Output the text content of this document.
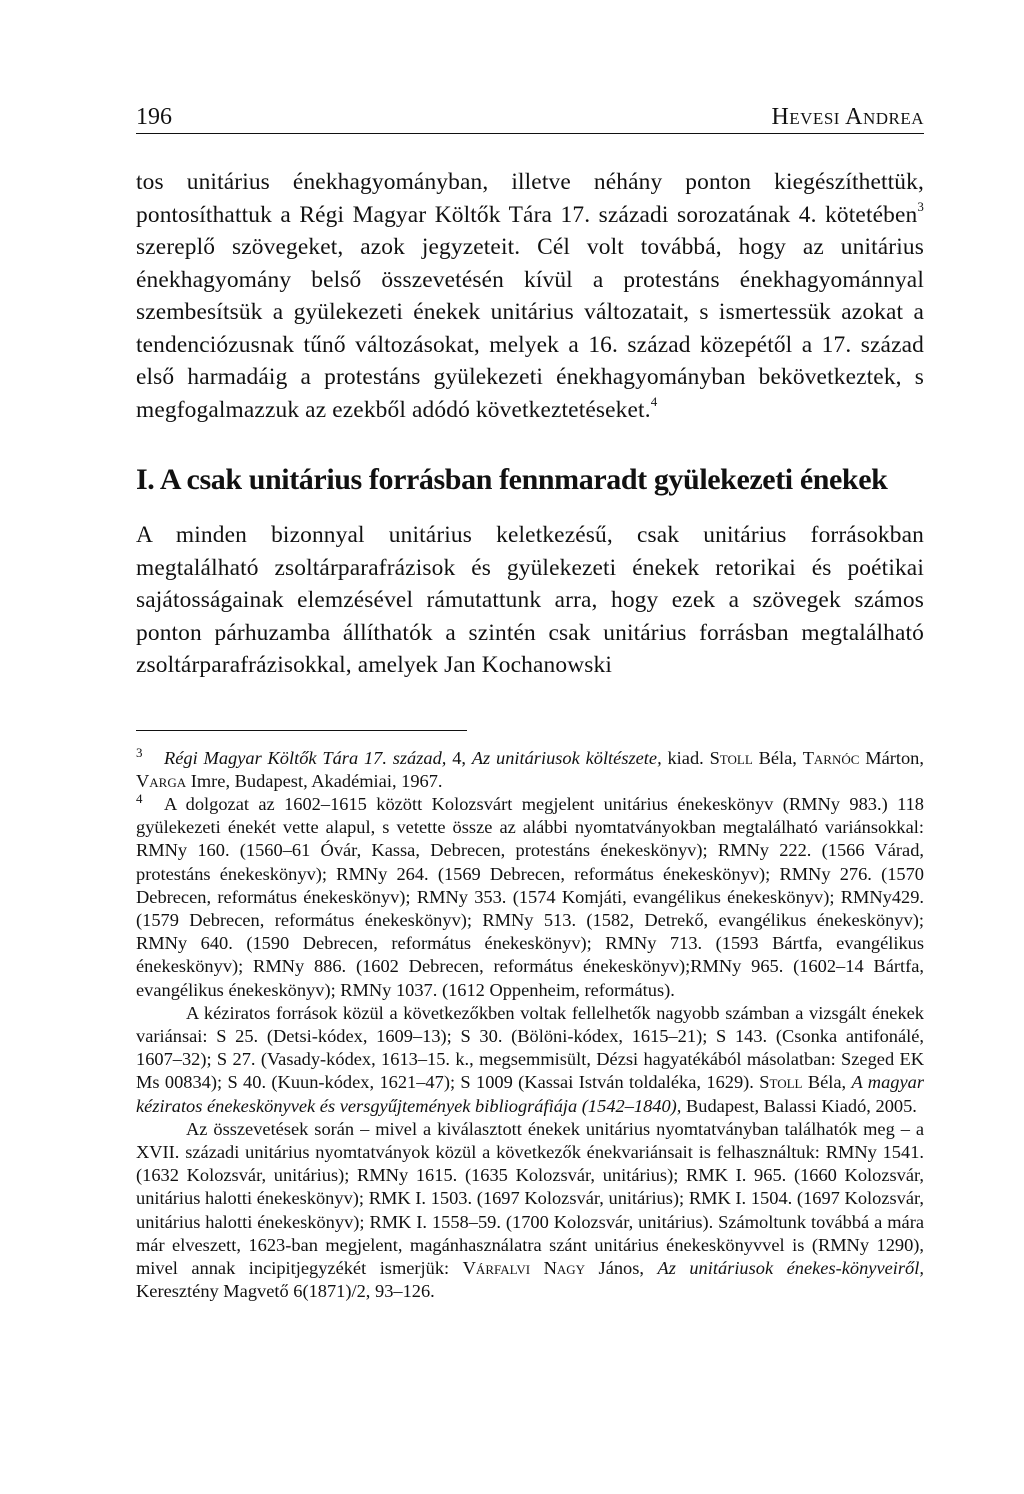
196	Hevesi Andrea
tos unitárius énekhagyományban, illetve néhány ponton kiegészíthettük, pontosíthattuk a Régi Magyar Költők Tára 17. századi sorozatának 4. kötetében$^3$ szereplő szövegeket, azok jegyzeteit. Cél volt továbbá, hogy az unitárius énekhagyomány belső összevetésén kívül a protestáns énekhagyománnyal szembesítsük a gyülekezeti énekek unitárius változatait, s ismertessük azokat a tendenciózusnak tűnő változásokat, melyek a 16. század közepétől a 17. század első harmadáig a protestáns gyülekezeti énekhagyományban bekövetkeztek, s megfogalmazzuk az ezekből adódó következtetéseket.$^4$
I. A csak unitárius forrásban fennmaradt gyülekezeti énekek
A minden bizonnyal unitárius keletkezésű, csak unitárius forrásokban megtalálható zsoltárparafrázisok és gyülekezeti énekek retorikai és poétikai sajátosságainak elemzésével rámutattunk arra, hogy ezek a szövegek számos ponton párhuzamba állíthatók a szintén csak unitárius forrásban megtalálható zsoltárparafrázisokkal, amelyek Jan Kochanowski

3 Régi Magyar Költők Tára 17. század, 4, Az unitáriusok költészete, kiad. Stoll Béla, Tarnóc Márton, Varga Imre, Budapest, Akadémiai, 1967.

4 A dolgozat az 1602–1615 között Kolozsvárt megjelent unitárius énekeskönyv (RMNy 983.) 118 gyülekezeti énekét vette alapul, s vetette össze az alábbi nyomtatványokban megtalálható variánsokkal: RMNy 160. (1560–61 Óvár, Kassa, Debrecen, protestáns énekeskönyv); RMNy 222. (1566 Várad, protestáns énekeskönyv); RMNy 264. (1569 Debrecen, református énekeskönyv); RMNy 276. (1570 Debrecen, református énekeskönyv); RMNy 353. (1574 Komjáti, evangélikus énekeskönyv); RMNy429. (1579 Debrecen, református énekeskönyv); RMNy 513. (1582, Detrekő, evangélikus énekeskönyv); RMNy 640. (1590 Debrecen, református énekeskönyv); RMNy 713. (1593 Bártfa, evangélikus énekeskönyv); RMNy 886. (1602 Debrecen, református énekeskönyv);RMNy 965. (1602–14 Bártfa, evangélikus énekeskönyv); RMNy 1037. (1612 Oppenheim, református).

A kéziratos források közül a következőkben voltak fellelhetők nagyobb számban a vizsgált énekek variánsai: S 25. (Detsi-kódex, 1609–13); S 30. (Bölöni-kódex, 1615–21); S 143. (Csonka antifonálé, 1607–32); S 27. (Vasady-kódex, 1613–15. k., megsemmisült, Dézsi hagyatékából másolatban: Szeged EK Ms 00834); S 40. (Kuun-kódex, 1621–47); S 1009 (Kassai István toldaléka, 1629). Stoll Béla, A magyar kéziratos énekeskönyvek és versgyűjtemények bibliográfiája (1542–1840), Budapest, Balassi Kiadó, 2005.

Az összevetések során – mivel a kiválasztott énekek unitárius nyomtatványban találhatók meg – a XVII. századi unitárius nyomtatványok közül a következők énekvariánsait is felhasználtuk: RMNy 1541. (1632 Kolozsvár, unitárius); RMNy 1615. (1635 Kolozsvár, unitárius); RMK I. 965. (1660 Kolozsvár, unitárius halotti énekeskönyv); RMK I. 1503. (1697 Kolozsvár, unitárius); RMK I. 1504. (1697 Kolozsvár, unitárius halotti énekeskönyv); RMK I. 1558–59. (1700 Kolozsvár, unitárius). Számoltunk továbbá a mára már elveszett, 1623-ban megjelent, magánhasználatra szánt unitárius énekeskönyvvel is (RMNy 1290), mivel annak incipitjegyzékét ismerjük: Várfalvi Nagy János, Az unitáriusok énekes-könyveiről, Keresztény Magvető 6(1871)/2, 93–126.
